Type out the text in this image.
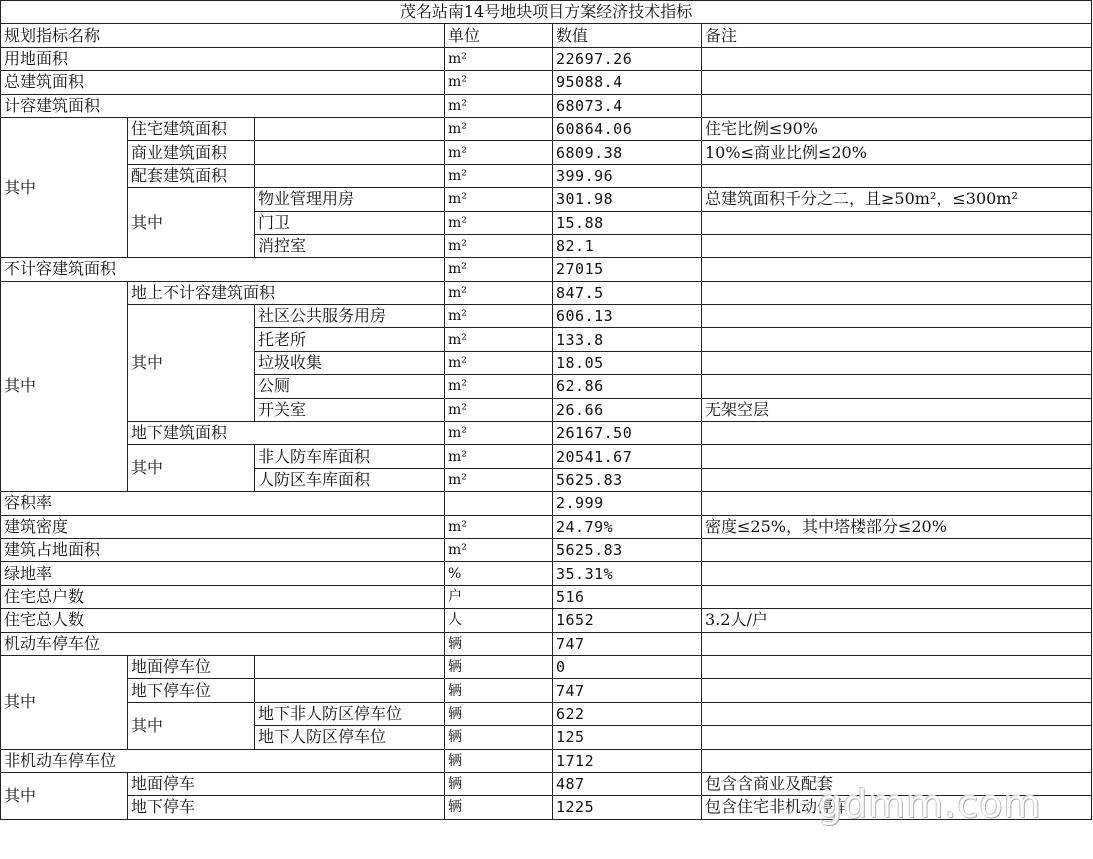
茂名站南14号地块项目方案经济技术指标					
规划指标名称			单位	数值	备注
用地面积			m²	22697.26	
总建筑面积			m²	95088.4	
计容建筑面积			m²	68073.4	
其中	住宅建筑面积		m²	60864.06	住宅比例≤90%
	商业建筑面积		m²	6809.38	10%≤商业比例≤20%
	配套建筑面积		m²	399.96	
	其中	物业管理用房	m²	301.98	总建筑面积千分之二，且≥50m²，≤300m²
		门卫	m²	15.88	
		消控室	m²	82.1	
不计容建筑面积			m²	27015	
其中	地上不计容建筑面积		m²	847.5	
	其中	社区公共服务用房	m²	606.13	
		托老所	m²	133.8	
		垃圾收集	m²	18.05	
		公厕	m²	62.86	
		开关室	m²	26.66	无架空层
	地下建筑面积		m²	26167.50	
	其中	非人防车库面积	m²	20541.67	
		人防区车库面积	m²	5625.83	
容积率				2.999	
建筑密度			m²	24.79%	密度≤25%，其中塔楼部分≤20%
建筑占地面积			m²	5625.83	
绿地率			%	35.31%	
住宅总户数			户	516	
住宅总人数			人	1652	3.2人/户
机动车停车位			辆	747	
其中	地面停车位		辆	0	
	地下停车位		辆	747	
	其中	地下非人防区停车位	辆	622	
		地下人防区停车位	辆	125	
非机动车停车位			辆	1712	
其中	地面停车		辆	487	包含含商业及配套
	地下停车		辆	1225	包含住宅非机动停车
gdmm.com
